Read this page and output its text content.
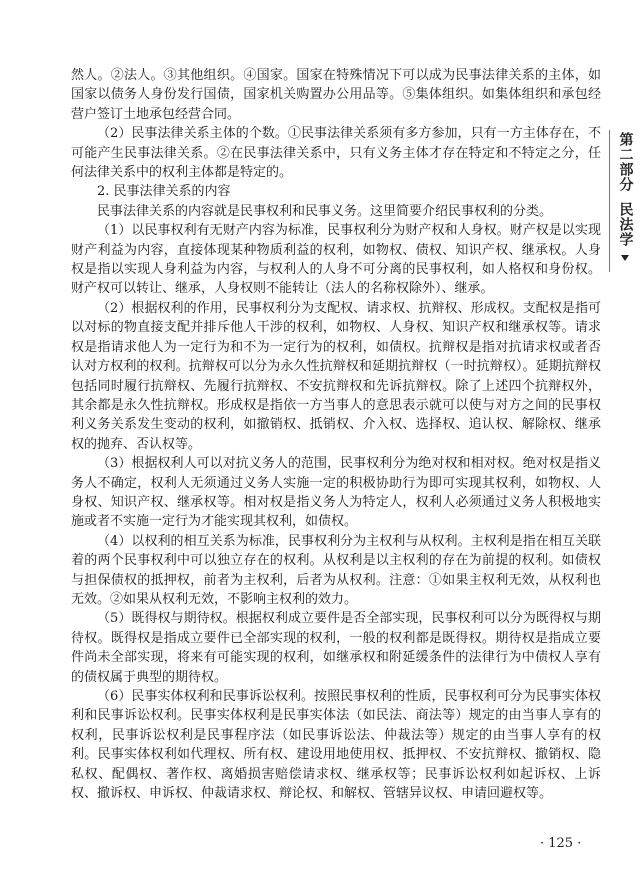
然人。②法人。③其他组织。④国家。国家在特殊情况下可以成为民事法律关系的主体，如国家以债务人身份发行国债，国家机关购置办公用品等。⑤集体组织。如集体组织和承包经营户签订土地承包经营合同。

（2）民事法律关系主体的个数。①民事法律关系须有多方参加，只有一方主体存在，不可能产生民事法律关系。②在民事法律关系中，只有义务主体才存在特定和不特定之分，任何法律关系中的权利主体都是特定的。

2. 民事法律关系的内容

民事法律关系的内容就是民事权利和民事义务。这里简要介绍民事权利的分类。

（1）以民事权利有无财产内容为标准，民事权利分为财产权和人身权。财产权是以实现财产利益为内容，直接体现某种物质利益的权利，如物权、债权、知识产权、继承权。人身权是指以实现人身利益为内容，与权利人的人身不可分离的民事权利，如人格权和身份权。财产权可以转让、继承，人身权则不能转让（法人的名称权除外）、继承。

（2）根据权利的作用，民事权利分为支配权、请求权、抗辩权、形成权。支配权是指可以对标的物直接支配并排斥他人干涉的权利，如物权、人身权、知识产权和继承权等。请求权是指请求他人为一定行为和不为一定行为的权利，如债权。抗辩权是指对抗请求权或者否认对方权利的权利。抗辩权可以分为永久性抗辩权和延期抗辩权（一时抗辩权）。延期抗辩权包括同时履行抗辩权、先履行抗辩权、不安抗辩权和先诉抗辩权。除了上述四个抗辩权外，其余都是永久性抗辩权。形成权是指依一方当事人的意思表示就可以使与对方之间的民事权利义务关系发生变动的权利，如撤销权、抵销权、介入权、选择权、追认权、解除权、继承权的抛弃、否认权等。

（3）根据权利人可以对抗义务人的范围，民事权利分为绝对权和相对权。绝对权是指义务人不确定，权利人无须通过义务人实施一定的积极协助行为即可实现其权利，如物权、人身权、知识产权、继承权等。相对权是指义务人为特定人，权利人必须通过义务人积极地实施或者不实施一定行为才能实现其权利，如债权。

（4）以权利的相互关系为标准，民事权利分为主权利与从权利。主权利是指在相互关联着的两个民事权利中可以独立存在的权利。从权利是以主权利的存在为前提的权利。如债权与担保债权的抵押权，前者为主权利，后者为从权利。注意：①如果主权利无效，从权利也无效。②如果从权利无效，不影响主权利的效力。

（5）既得权与期待权。根据权利成立要件是否全部实现，民事权利可以分为既得权与期待权。既得权是指成立要件已全部实现的权利，一般的权利都是既得权。期待权是指成立要件尚未全部实现，将来有可能实现的权利，如继承权和附延缓条件的法律行为中债权人享有的债权属于典型的期待权。

（6）民事实体权利和民事诉讼权利。按照民事权利的性质，民事权利可分为民事实体权利和民事诉讼权利。民事实体权利是民事实体法（如民法、商法等）规定的由当事人享有的权利，民事诉讼权利是民事程序法（如民事诉讼法、仲裁法等）规定的由当事人享有的权利。民事实体权利如代理权、所有权、建设用地使用权、抵押权、不安抗辩权、撤销权、隐私权、配偶权、著作权、离婚损害赔偿请求权、继承权等；民事诉讼权利如起诉权、上诉权、撤诉权、申诉权、仲裁请求权、辩论权、和解权、管辖异议权、申请回避权等。

第二部分
民法学
· 125 ·
